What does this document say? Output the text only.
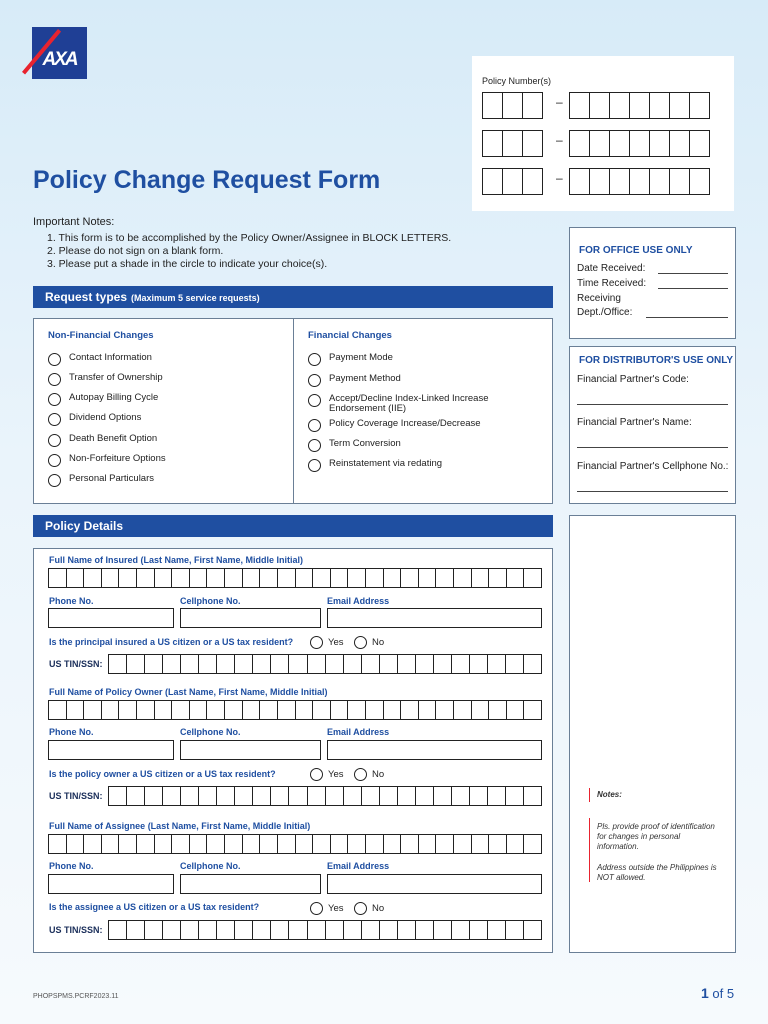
AXA
Policy Change Request Form
Important Notes:
1. This form is to be accomplished by the Policy Owner/Assignee in BLOCK LETTERS.
2. Please do not sign on a blank form.
3. Please put a shade in the circle to indicate your choice(s).
Policy Number(s)
–
–
–
FOR OFFICE USE ONLY
Date Received:
Time Received:
Receiving
Dept./Office:
FOR DISTRIBUTOR'S USE ONLY
Financial Partner's Code:
Financial Partner's Name:
Financial Partner's Cellphone No.:
Request types (Maximum 5 service requests)
Non-Financial Changes	Financial Changes
Contact Information
Transfer of Ownership
Autopay Billing Cycle
Dividend Options
Death Benefit Option
Non-Forfeiture Options
Personal Particulars
Payment Mode
Payment Method
Accept/Decline Index-Linked Increase Endorsement (IIE)
Policy Coverage Increase/Decrease
Term Conversion
Reinstatement via redating
Policy Details
Full Name of Insured (Last Name, First Name, Middle Initial)
Phone No.	Cellphone No.	Email Address
Is the principal insured a US citizen or a US tax resident?	Yes	No
US TIN/SSN:
Full Name of Policy Owner (Last Name, First Name, Middle Initial)
Phone No.	Cellphone No.	Email Address
Is the policy owner a US citizen or a US tax resident?	Yes	No
US TIN/SSN:
Full Name of Assignee (Last Name, First Name, Middle Initial)
Phone No.	Cellphone No.	Email Address
Is the assignee a US citizen or a US tax resident?	Yes	No
US TIN/SSN:
Notes:
Pls. provide proof of identification for changes in personal information.
Address outside the Philippines is NOT allowed.
PHOPSPMS.PCRF2023.11	1 of 5
